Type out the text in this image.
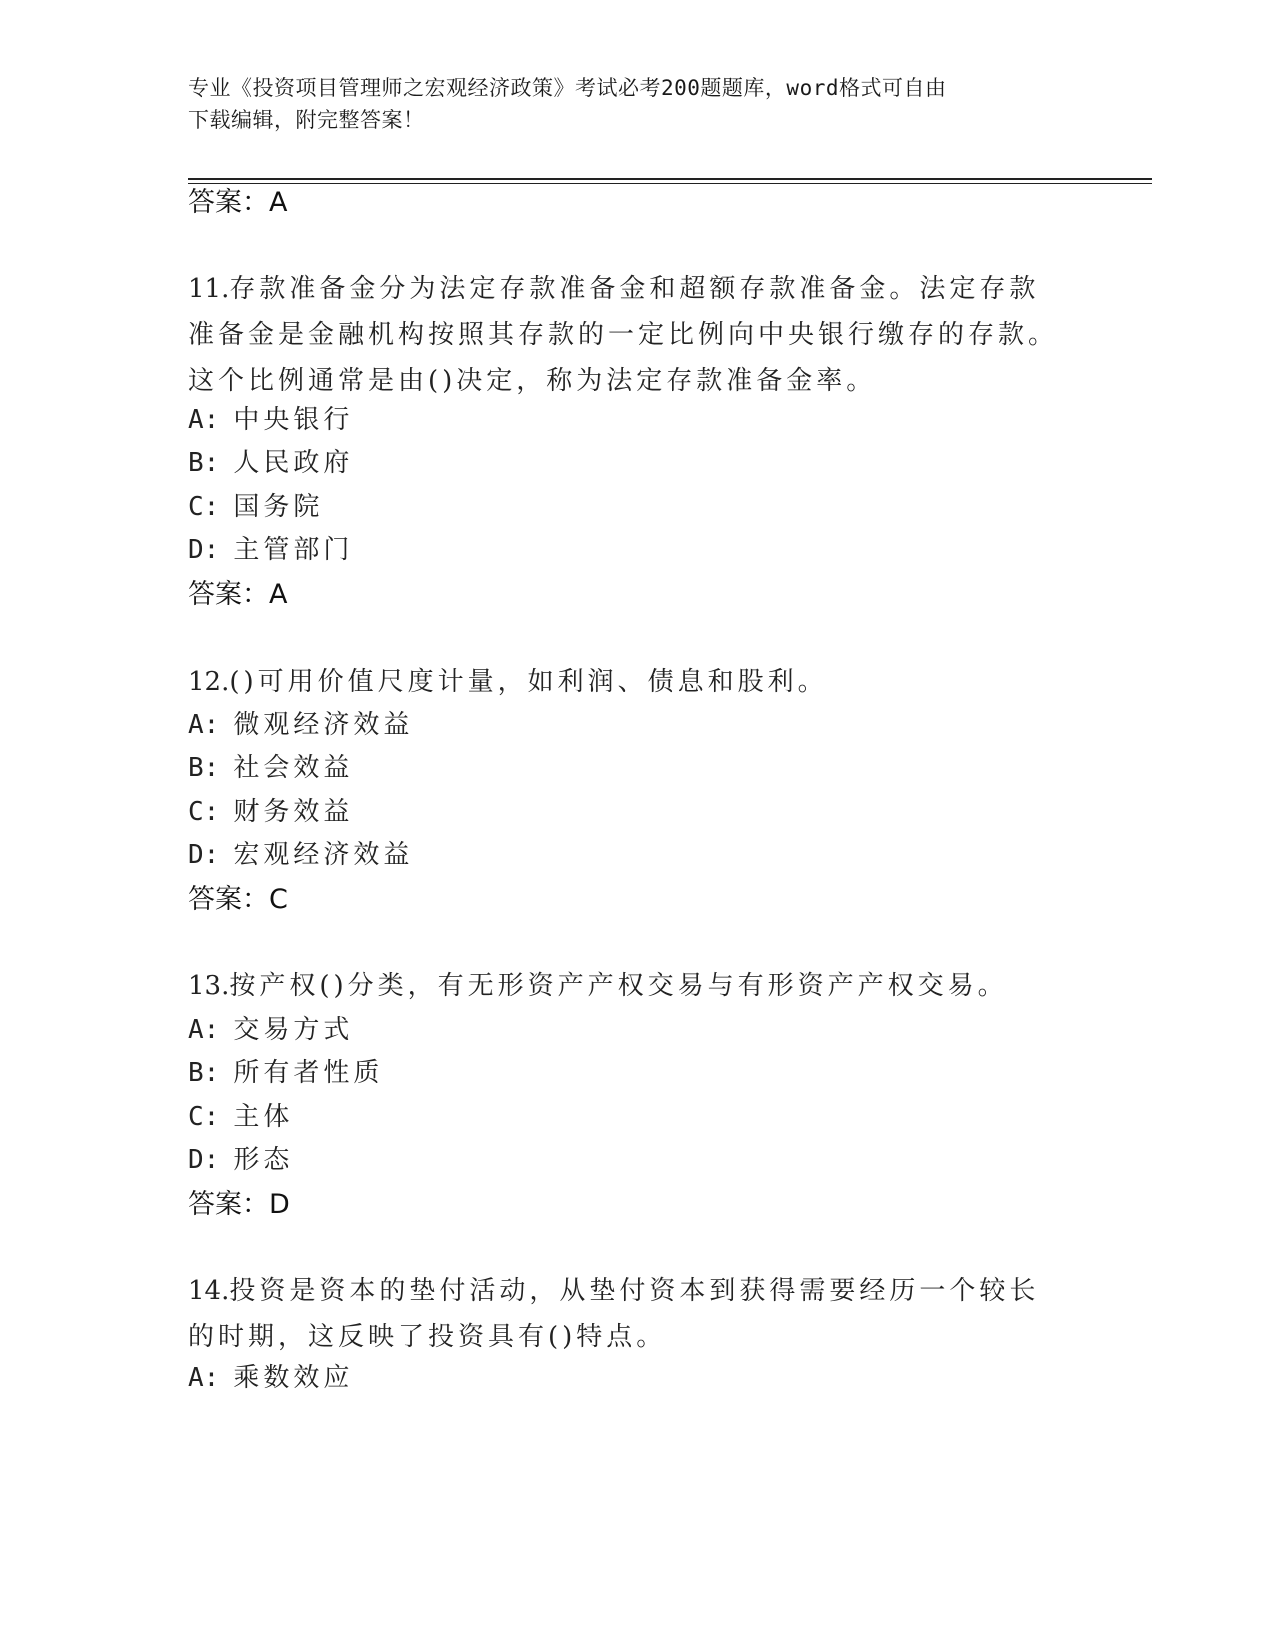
专业《投资项目管理师之宏观经济政策》考试必考200题题库，word格式可自由
下载编辑，附完整答案！
答案：A
11.存款准备金分为法定存款准备金和超额存款准备金。法定存款准备金是金融机构按照其存款的一定比例向中央银行缴存的存款。这个比例通常是由()决定，称为法定存款准备金率。
A: 中央银行
B: 人民政府
C: 国务院
D: 主管部门
答案：A
12.()可用价值尺度计量，如利润、债息和股利。
A: 微观经济效益
B: 社会效益
C: 财务效益
D: 宏观经济效益
答案：C
13.按产权()分类，有无形资产产权交易与有形资产产权交易。
A: 交易方式
B: 所有者性质
C: 主体
D: 形态
答案：D
14.投资是资本的垫付活动，从垫付资本到获得需要经历一个较长的时期，这反映了投资具有()特点。
A: 乘数效应
